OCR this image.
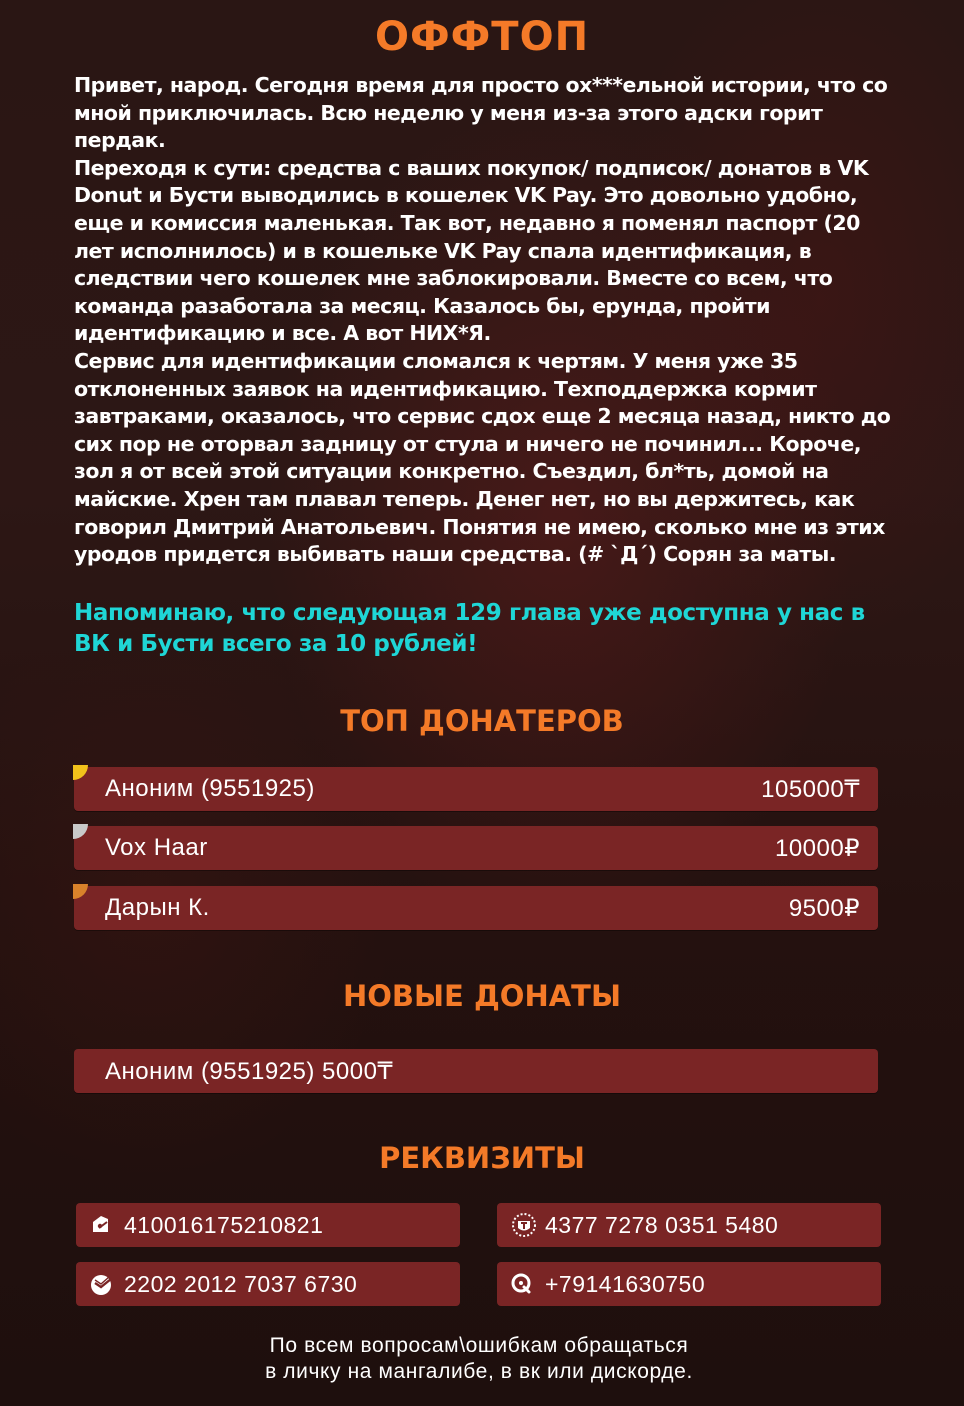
ОФФТОП

Привет, народ. Сегодня время для просто ох***ельной истории, что со мной приключилась. Всю неделю у меня из-за этого адски горит пердак.

Переходя к сути: средства с ваших покупок/ подписок/ донатов в VK Donut и Бусти выводились в кошелек VK Pay. Это довольно удобно, еще и комиссия маленькая. Так вот, недавно я поменял паспорт (20 лет исполнилось) и в кошельке VK Pay спала идентификация, в следствии чего кошелек мне заблокировали. Вместе со всем, что команда разаботала за месяц. Казалось бы, ерунда, пройти идентификацию и все. А вот НИХ*Я.

Сервис для идентификации сломался к чертям. У меня уже 35 отклоненных заявок на идентификацию. Техподдержка кормит завтраками, оказалось, что сервис сдох еще 2 месяца назад, никто до сих пор не оторвал задницу от стула и ничего не починил... Короче, зол я от всей этой ситуации конкретно. Съездил, бл*ть, домой на майские. Хрен там плавал теперь. Денег нет, но вы держитесь, как говорил Дмитрий Анатольевич. Понятия не имею, сколько мне из этих уродов придется выбивать наши средства. (# `Д´) Сорян за маты.

Напоминаю, что следующая 129 глава уже доступна у нас в ВК и Бусти всего за 10 рублей!
ТОП ДОНАТЕРОВ
Аноним (9551925)	105000₸
Vox Haar	10000₽
Дарын К.	9500₽
НОВЫЕ ДОНАТЫ
Аноним (9551925) 5000₸
РЕКВИЗИТЫ
410016175210821	4377 7278 0351 5480
2202 2012 7037 6730	+79141630750
По всем вопросам\ошибкам обращаться
в личку на мангалибе, в вк или дискорде.
